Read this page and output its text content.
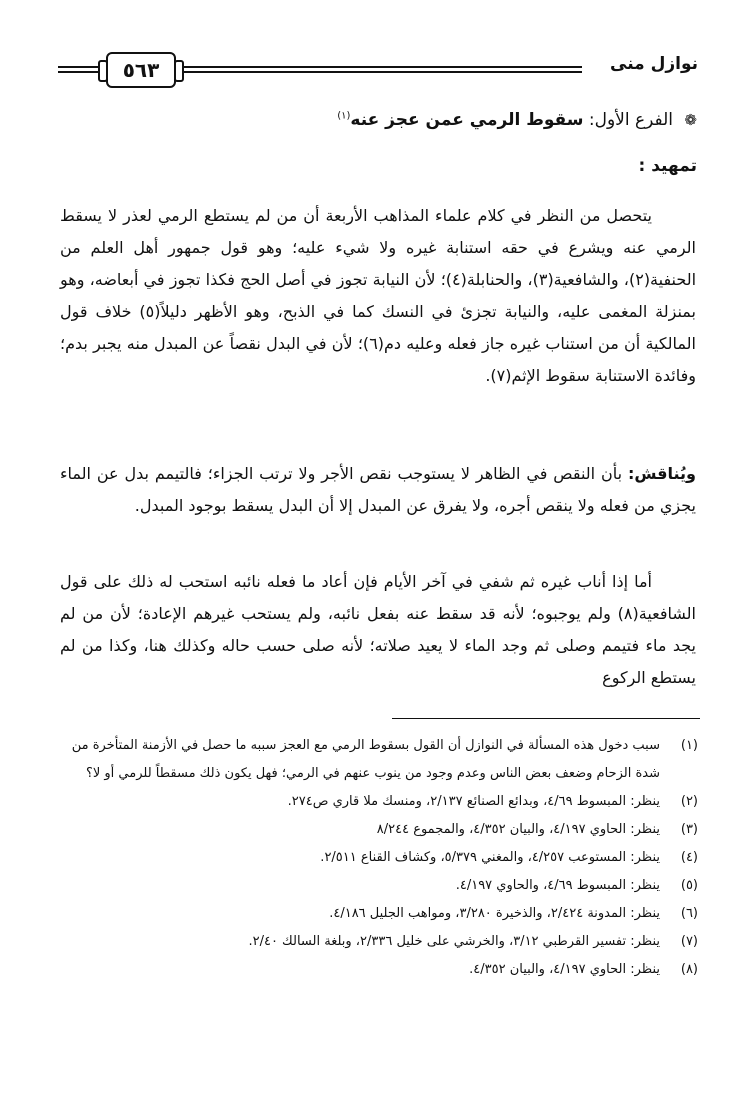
٥٦٣	نوازل منى
❁ الفرع الأول: سقوط الرمي عمن عجز عنه$^{(١)}$
تمهيد :
يتحصل من النظر في كلام علماء المذاهب الأربعة أن من لم يستطع الرمي لعذر لا يسقط الرمي عنه ويشرع في حقه استنابة غيره ولا شيء عليه؛ وهو قول جمهور أهل العلم من الحنفية(٢)، والشافعية(٣)، والحنابلة(٤)؛ لأن النيابة تجوز في أصل الحج فكذا تجوز في أبعاضه، وهو بمنزلة المغمى عليه، والنيابة تجزئ في النسك كما في الذبح، وهو الأظهر دليلاً(٥) خلاف قول المالكية أن من استناب غيره جاز فعله وعليه دم(٦)؛ لأن في البدل نقصاً عن المبدل منه يجبر بدم؛ وفائدة الاستنابة سقوط الإثم(٧).
ويُناقش: بأن النقص في الظاهر لا يستوجب نقص الأجر ولا ترتب الجزاء؛ فالتيمم بدل عن الماء يجزي من فعله ولا ينقص أجره، ولا يفرق عن المبدل إلا أن البدل يسقط بوجود المبدل.
أما إذا أناب غيره ثم شفي في آخر الأيام فإن أعاد ما فعله نائبه استحب له ذلك على قول الشافعية(٨) ولم يوجبوه؛ لأنه قد سقط عنه بفعل نائبه، ولم يستحب غيرهم الإعادة؛ لأن من لم يجد ماء فتيمم وصلى ثم وجد الماء لا يعيد صلاته؛ لأنه صلى حسب حاله وكذلك هنا، وكذا من لم يستطع الركوع
(١)
سبب دخول هذه المسألة في النوازل أن القول بسقوط الرمي مع العجز سببه ما حصل في الأزمنة المتأخرة من شدة الزحام وضعف بعض الناس وعدم وجود من ينوب عنهم في الرمي؛ فهل يكون ذلك مسقطاً للرمي أو لا؟
(٢)
ينظر: المبسوط ٤/٦٩، وبدائع الصنائع ٢/١٣٧، ومنسك ملا قاري ص٢٧٤.
(٣)
ينظر: الحاوي ٤/١٩٧، والبيان ٤/٣٥٢، والمجموع ٨/٢٤٤
(٤)
ينظر: المستوعب ٤/٢٥٧، والمغني ٥/٣٧٩، وكشاف القناع ٢/٥١١.
(٥)
ينظر: المبسوط ٤/٦٩، والحاوي ٤/١٩٧.
(٦)
ينظر: المدونة ٢/٤٢٤، والذخيرة ٣/٢٨٠، ومواهب الجليل ٤/١٨٦.
(٧)
ينظر: تفسير القرطبي ٣/١٢، والخرشي على خليل ٢/٣٣٦، وبلغة السالك ٢/٤٠.
(٨)
ينظر: الحاوي ٤/١٩٧، والبيان ٤/٣٥٢.
